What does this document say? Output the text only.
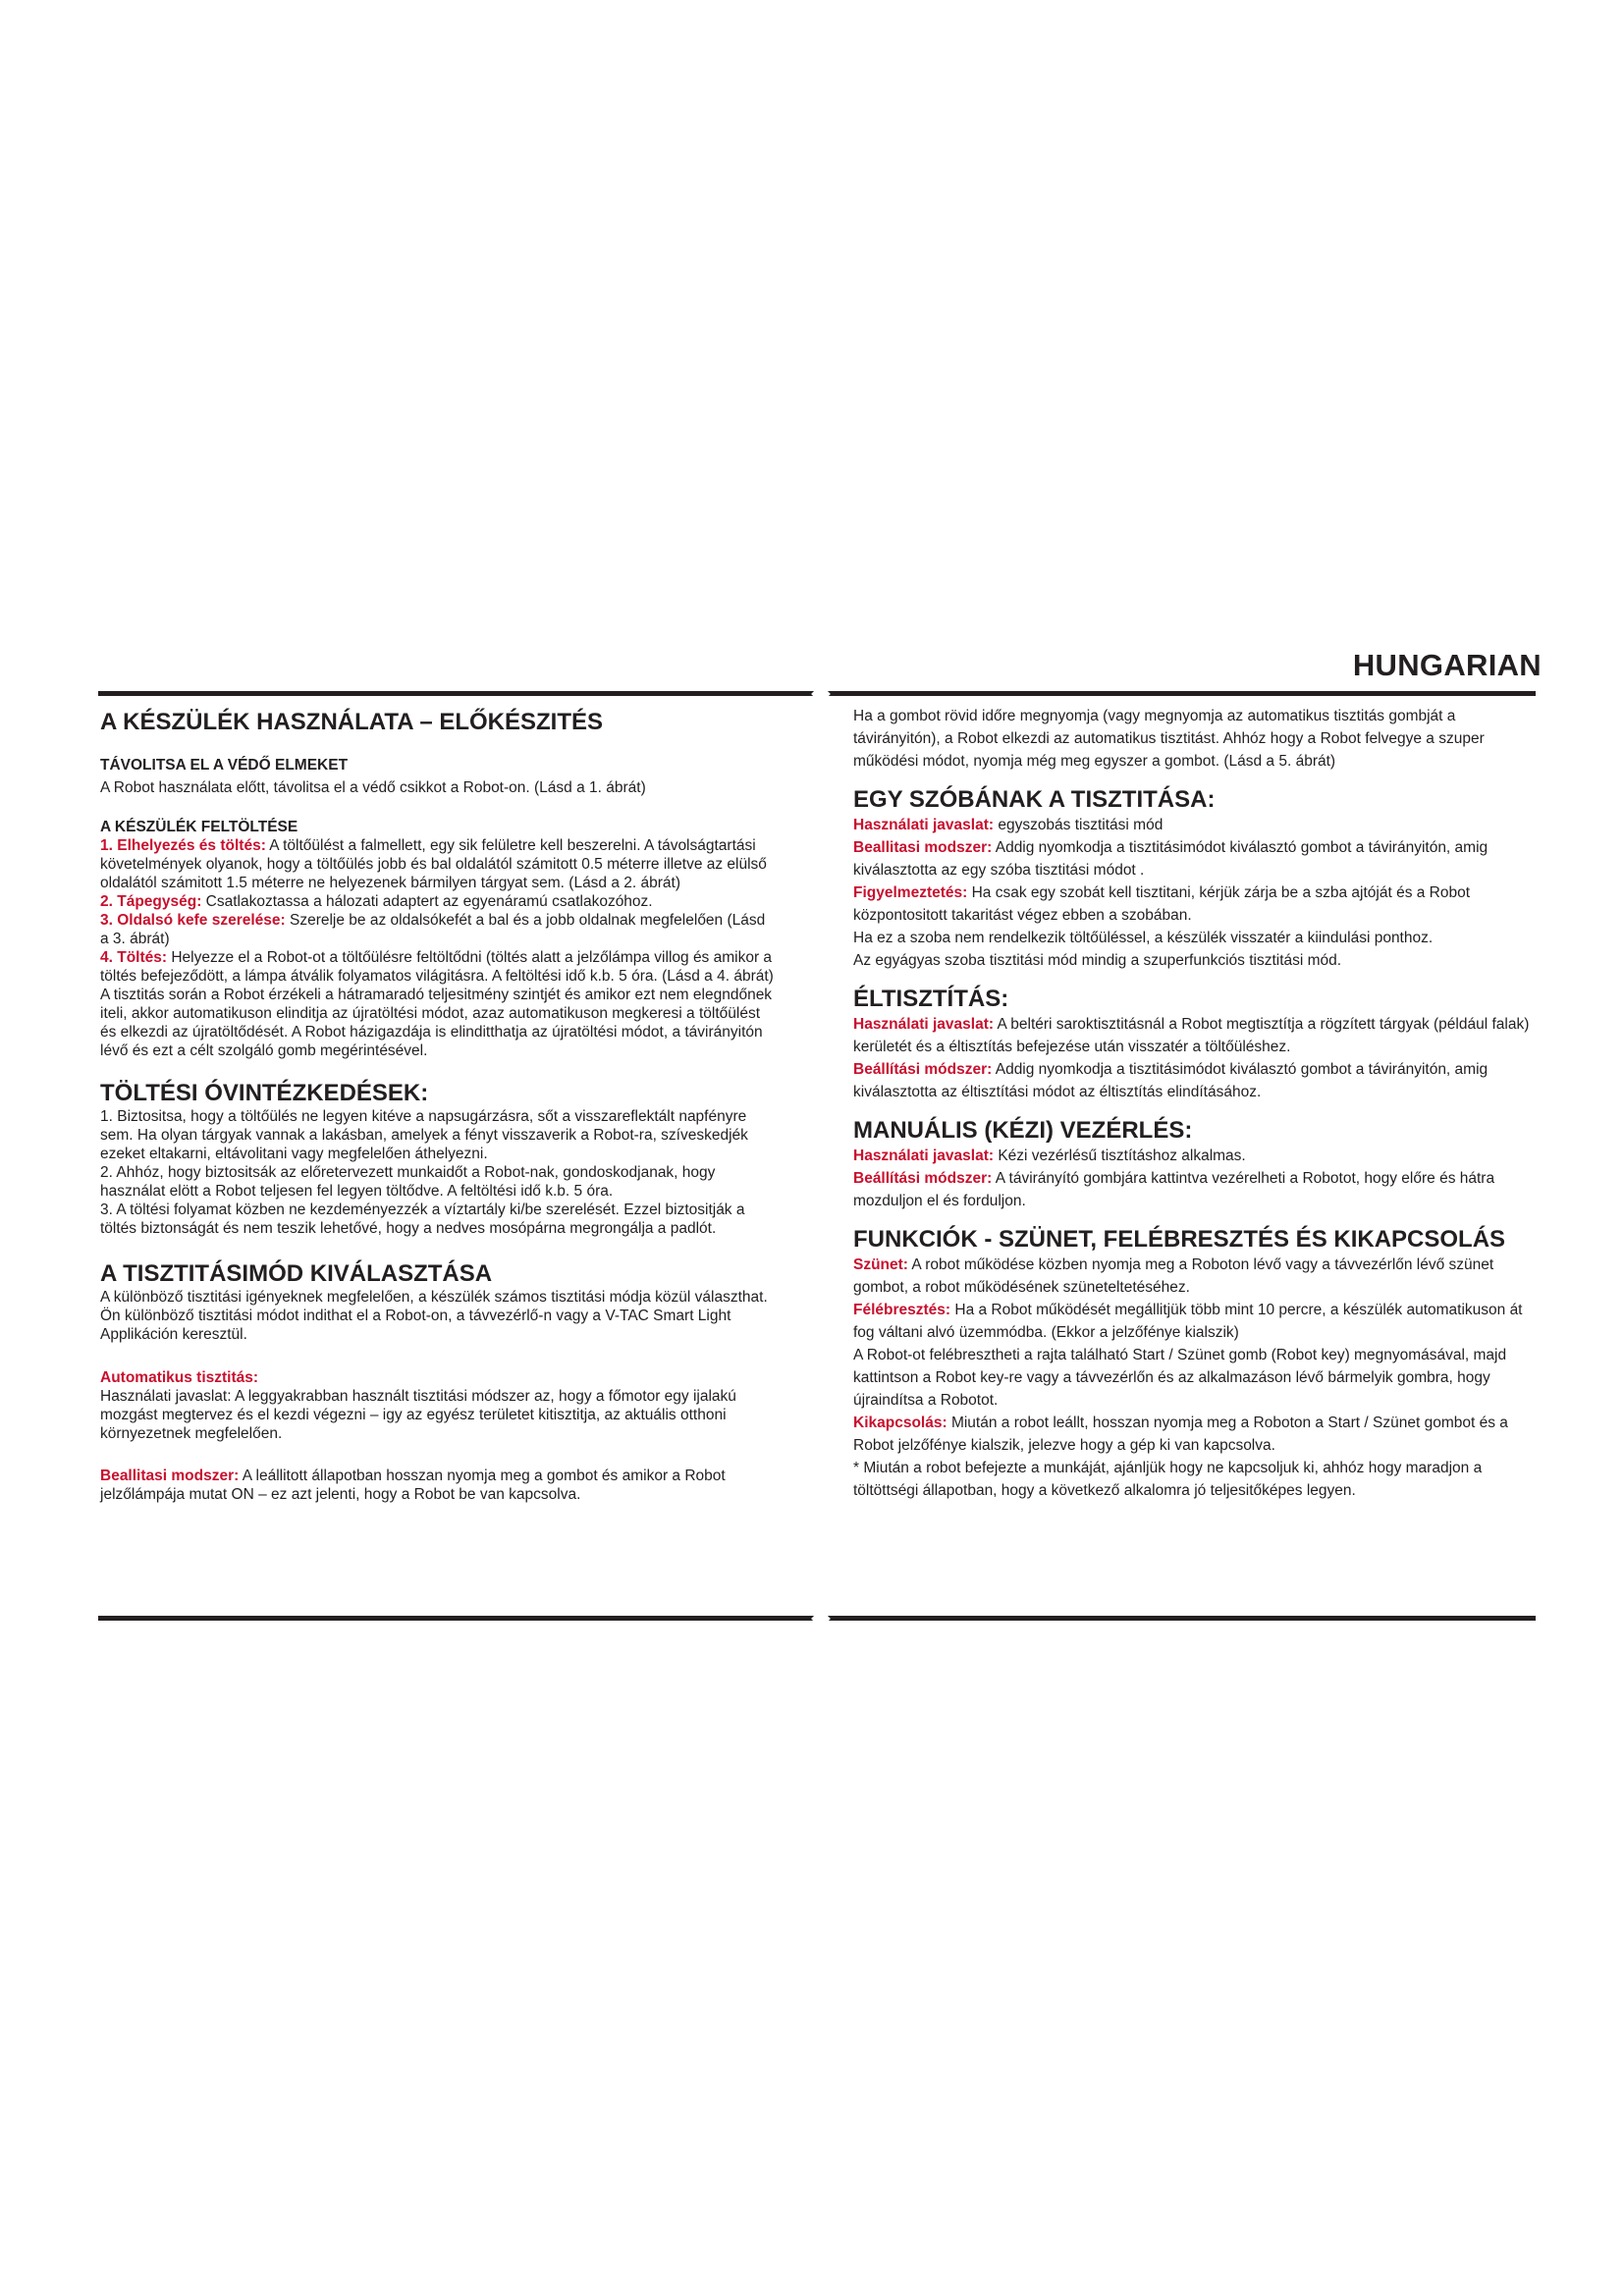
HUNGARIAN
A KÉSZÜLÉK HASZNÁLATA – ELŐKÉSZITÉS
TÁVOLITSA EL A VÉDŐ ELMEKET

A Robot használata előtt, távolitsa el a védő csikkot a Robot-on. (Lásd a 1. ábrát)

A KÉSZÜLÉK FELTÖLTÉSE

1. Elhelyezés és töltés: A töltőülést a falmellett, egy sik felületre kell beszerelni. A távolságtartási követelmények olyanok, hogy a töltőülés jobb és bal oldalától számitott 0.5 méterre illetve az elülső oldalától számitott 1.5 méterre ne helyezenek bármilyen tárgyat sem. (Lásd a 2. ábrát)

2. Tápegység: Csatlakoztassa a hálozati adaptert az egyenáramú csatlakozóhoz.

3. Oldalsó kefe szerelése: Szerelje be az oldalsókefét a bal és a jobb oldalnak megfelelően (Lásd a 3. ábrát)

4. Töltés: Helyezze el a Robot-ot a töltőülésre feltöltődni (töltés alatt a jelzőlámpa villog és amikor a töltés befejeződött, a lámpa átválik folyamatos világitásra. A feltöltési idő k.b. 5 óra. (Lásd a 4. ábrát)

A tisztitás során a Robot érzékeli a hátramaradó teljesitmény szintjét és amikor ezt nem elegndőnek iteli, akkor automatikuson elinditja az újratöltési módot, azaz automatikuson megkeresi a töltőülést és elkezdi az újratöltődését. A Robot házigazdája is elinditthatja az újratöltési módot, a távirányitón lévő és ezt a célt szolgáló gomb megérintésével.

TÖLTÉSI ÓVINTÉZKEDÉSEK:

1. Biztositsa, hogy a töltőülés ne legyen kitéve a napsugárzásra, sőt a visszareflektált napfényre sem. Ha olyan tárgyak vannak a lakásban, amelyek a fényt visszaverik a Robot-ra, szíveskedjék ezeket eltakarni, eltávolitani vagy megfelelően áthelyezni.

2. Ahhóz, hogy biztositsák az előretervezett munkaidőt a Robot-nak, gondoskodjanak, hogy használat elött a Robot teljesen fel legyen töltődve. A feltöltési idő k.b. 5 óra.

3. A töltési folyamat közben ne kezdeményezzék a víztartály ki/be szerelését. Ezzel biztositják a töltés biztonságát és nem teszik lehetővé, hogy a nedves mosópárna megrongálja a padlót.

A TISZTITÁSIMÓD KIVÁLASZTÁSA

A különböző tisztitási igényeknek megfelelően, a készülék számos tisztitási módja közül választhat. Ön különböző tisztitási módot indithat el a Robot-on, a távvezérlő-n vagy a V-TAC Smart Light Applikáción keresztül.

Automatikus tisztitás:

Használati javaslat: A leggyakrabban használt tisztitási módszer az, hogy a főmotor egy ijalakú mozgást megtervez és el kezdi végezni – igy az egyész területet kitisztitja, az aktuális otthoni környezetnek megfelelően.

Beallitasi modszer: A leállitott állapotban hosszan nyomja meg a gombot és amikor a Robot jelzőlámpája mutat ON – ez azt jelenti, hogy a Robot be van kapcsolva.

Ha a gombot rövid időre megnyomja (vagy megnyomja az automatikus tisztitás gombját a távirányitón), a Robot elkezdi az automatikus tisztitást. Ahhóz hogy a Robot felvegye a szuper működési módot, nyomja még meg egyszer a gombot. (Lásd a 5. ábrát)

EGY SZÓBÁNAK A TISZTITÁSA:

Használati javaslat: egyszobás tisztitási mód

Beallitasi modszer: Addig nyomkodja a tisztitásimódot kiválasztó gombot a távirányitón, amig kiválasztotta az egy szóba tisztitási módot .

Figyelmeztetés: Ha csak egy szobát kell tisztitani, kérjük zárja be a szba ajtóját és a Robot központositott takaritást végez ebben a szobában.

Ha ez a szoba nem rendelkezik töltőüléssel, a készülék visszatér a kiindulási ponthoz.

Az egyágyas szoba tisztitási mód mindig a szuperfunkciós tisztitási mód.

ÉLTISZTÍTÁS:

Használati javaslat: A beltéri saroktisztitásnál a Robot megtisztítja a rögzített tárgyak (például falak) kerületét és a éltisztítás befejezése után visszatér a töltőüléshez.

Beállítási módszer: Addig nyomkodja a tisztitásimódot kiválasztó gombot a távirányitón, amig kiválasztotta az éltisztítási módot az éltisztítás elindításához.

MANUÁLIS (KÉZI) VEZÉRLÉS:

Használati javaslat: Kézi vezérlésű tisztításhoz alkalmas.

Beállítási módszer: A távirányító gombjára kattintva vezérelheti a Robotot, hogy előre és hátra mozduljon el és forduljon.

FUNKCIÓK - SZÜNET, FELÉBRESZTÉS ÉS KIKAPCSOLÁS

Szünet: A robot működése közben nyomja meg a Roboton lévő vagy a távvezérlőn lévő szünet gombot, a robot működésének szüneteltetéséhez.

Félébresztés: Ha a Robot működését megállitjük több mint 10 percre, a készülék automatikuson át fog váltani alvó üzemmódba. (Ekkor a jelzőfénye kialszik)

A Robot-ot felébresztheti a rajta található Start / Szünet gomb (Robot key) megnyomásával, majd kattintson a Robot key-re vagy a távvezérlőn és az alkalmazáson lévő bármelyik gombra, hogy újraindítsa a Robotot.

Kikapcsolás: Miután a robot leállt, hosszan nyomja meg a Roboton a Start / Szünet gombot és a Robot jelzőfénye kialszik, jelezve hogy a gép ki van kapcsolva.

* Miután a robot befejezte a munkáját, ajánljük hogy ne kapcsoljuk ki, ahhóz hogy maradjon a töltöttségi állapotban, hogy a következő alkalomra jó teljesitőképes legyen.
